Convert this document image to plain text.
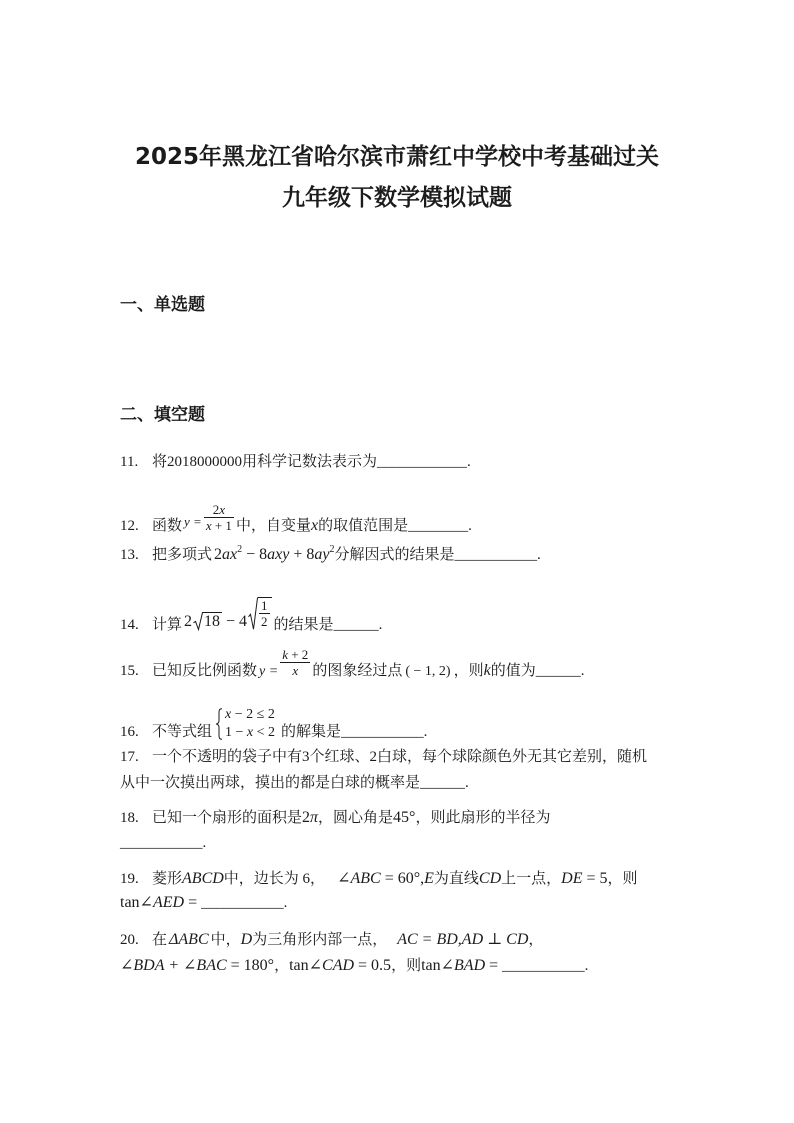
2025年黑龙江省哈尔滨市萧红中学校中考基础过关
九年级下数学模拟试题
一、单选题
二、填空题
11. 将2018000000用科学记数法表示为____________.
12. 函数 $y = \frac{2x}{x + 1}$ 中，自变量x的取值范围是________.
13. 把多项式 $2ax^2 - 8axy + 8ay^2$分解因式的结果是___________.
14. 计算 2 $18 - 4 \frac{1}{2}$ 的结果是______.
15. 已知反比例函数 $y = \frac{k + 2}{x}$ 的图象经过点 ( − 1, 2) ，则k的值为______.
16. 不等式组
x − 2 ≤ 2
1 − x < 2 的解集是___________.
17. 一个不透明的袋子中有3个红球、2白球，每个球除颜色外无其它差别，随机
从中一次摸出两球，摸出的都是白球的概率是______.
18. 已知一个扇形的面积是2π，圆心角是45°，则此扇形的半径为
___________.
19. 菱形ABCD中，边长为 6， ∠ABC = 60°,E为直线CD上一点，DE = 5，则
tan∠AED = ___________.
20. 在 ΔABC 中，D为三角形内部一点， AC = BD,AD ⊥ CD，
∠BDA + ∠BAC = 180°，tan∠CAD = 0.5，则tan∠BAD = ___________.
